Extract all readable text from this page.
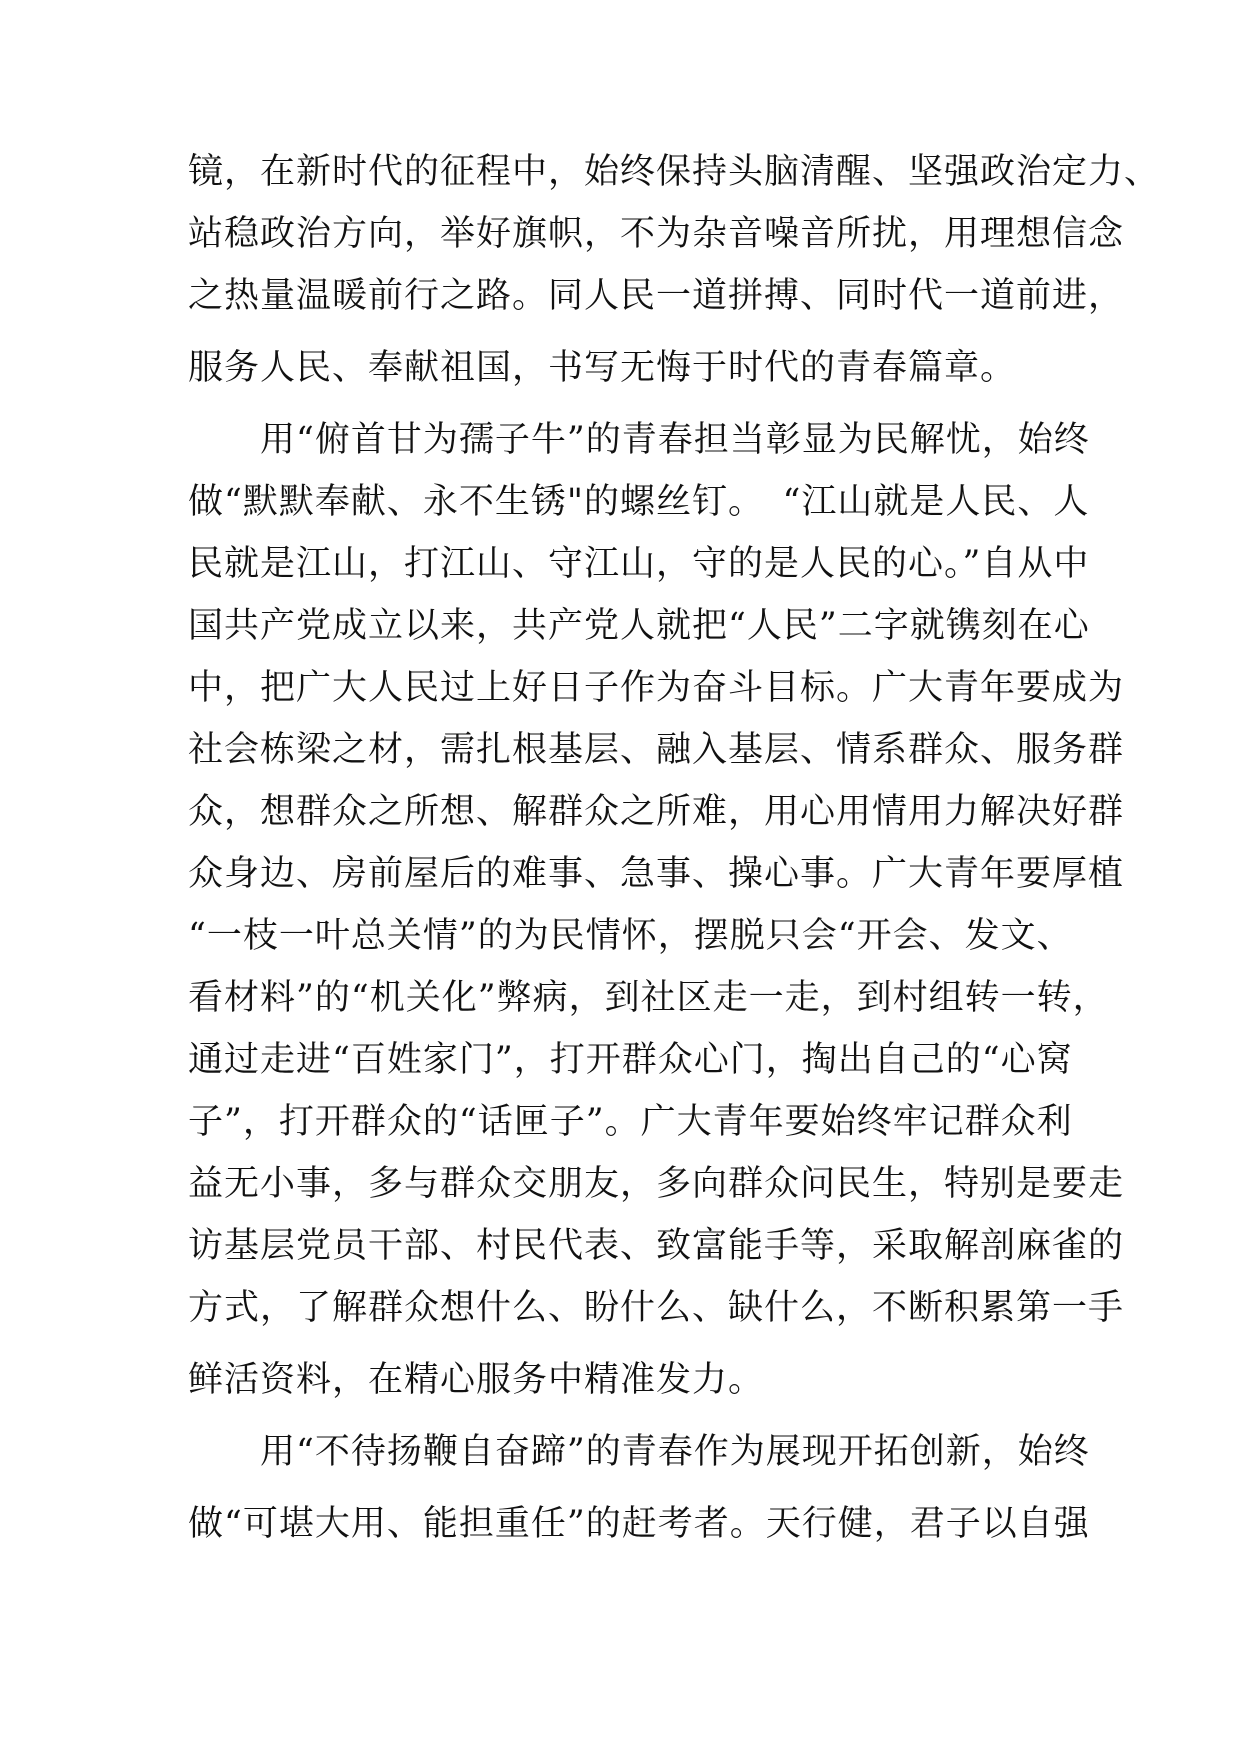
镜，在新时代的征程中，始终保持头脑清醒、坚强政治定力、
站稳政治方向，举好旗帜，不为杂音噪音所扰，用理想信念
之热量温暖前行之路。同人民一道拼搏、同时代一道前进，
服务人民、奉献祖国，书写无悔于时代的青春篇章。
　　用“俯首甘为孺子牛”的青春担当彰显为民解忧，始终
做“默默奉献、永不生锈"的螺丝钉。　“江山就是人民、人
民就是江山，打江山、守江山，守的是人民的心。”自从中
国共产党成立以来，共产党人就把“人民”二字就镌刻在心
中，把广大人民过上好日子作为奋斗目标。广大青年要成为
社会栋梁之材，需扎根基层、融入基层、情系群众、服务群
众，想群众之所想、解群众之所难，用心用情用力解决好群
众身边、房前屋后的难事、急事、操心事。广大青年要厚植
“一枝一叶总关情”的为民情怀，摆脱只会“开会、发文、
看材料”的“机关化”弊病，到社区走一走，到村组转一转，
通过走进“百姓家门”，打开群众心门，掏出自己的“心窝
子”，打开群众的“话匣子”。广大青年要始终牢记群众利
益无小事，多与群众交朋友，多向群众问民生，特别是要走
访基层党员干部、村民代表、致富能手等，采取解剖麻雀的
方式，了解群众想什么、盼什么、缺什么，不断积累第一手
鲜活资料，在精心服务中精准发力。
　　用“不待扬鞭自奋蹄”的青春作为展现开拓创新，始终
做“可堪大用、能担重任”的赶考者。天行健，君子以自强
